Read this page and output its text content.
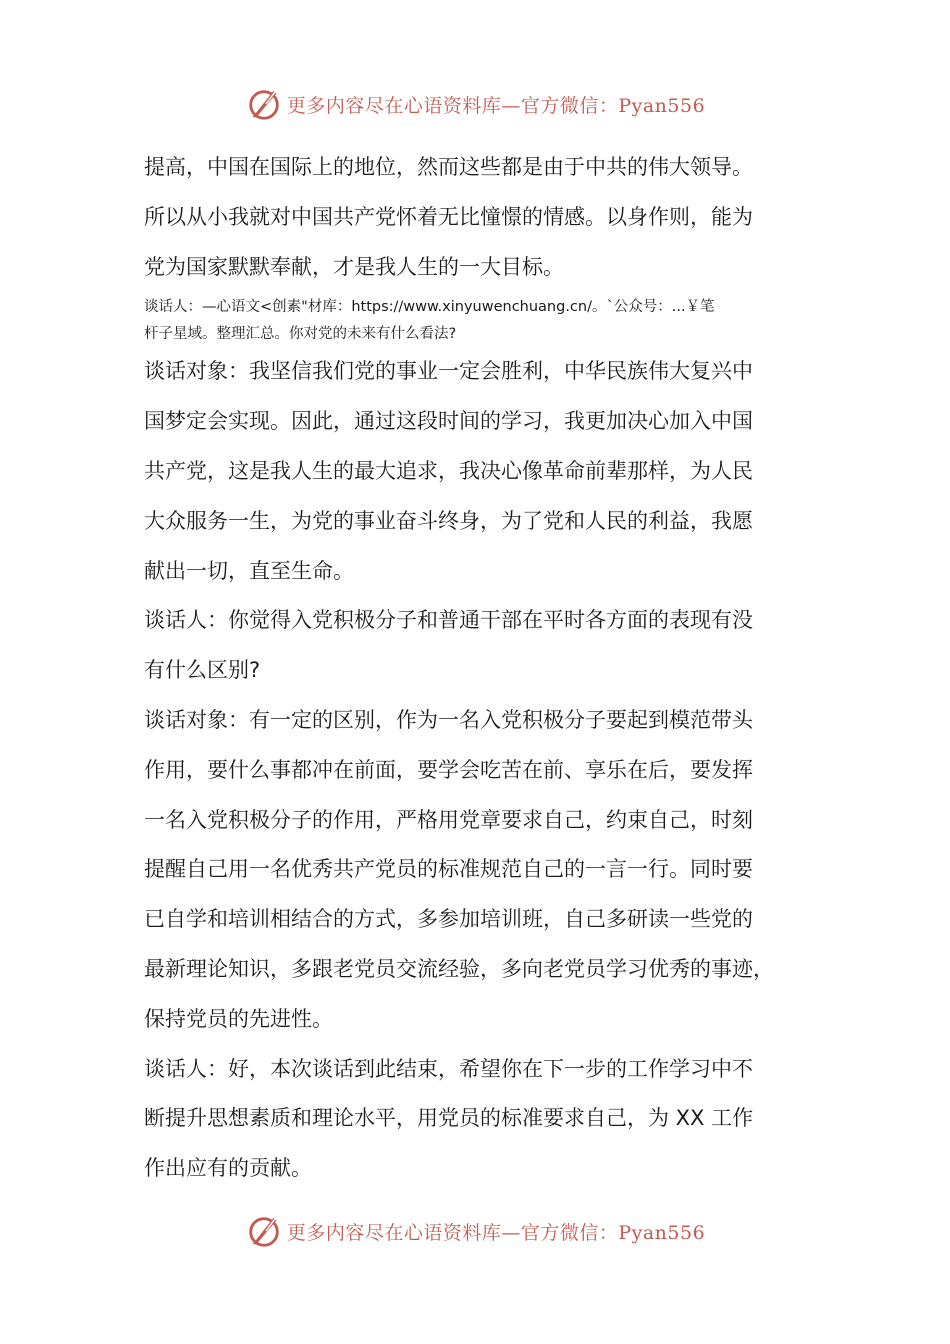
更多内容尽在心语资料库—官方微信：Pyan556

提高，中国在国际上的地位，然而这些都是由于中共的伟大领导。

所以从小我就对中国共产党怀着无比憧憬的情感。以身作则，能为

党为国家默默奉献，才是我人生的一大目标。

谈话人：—心语文<创素"材库：https://www.xinyuwenchuang.cn/。`公众号：...￥笔

杆子星域。整理汇总。你对党的未来有什么看法?

谈话对象：我坚信我们党的事业一定会胜利，中华民族伟大复兴中

国梦定会实现。因此，通过这段时间的学习，我更加决心加入中国

共产党，这是我人生的最大追求，我决心像革命前辈那样，为人民

大众服务一生，为党的事业奋斗终身，为了党和人民的利益，我愿

献出一切，直至生命。

谈话人：你觉得入党积极分子和普通干部在平时各方面的表现有没

有什么区别?

谈话对象：有一定的区别，作为一名入党积极分子要起到模范带头

作用，要什么事都冲在前面，要学会吃苦在前、享乐在后，要发挥

一名入党积极分子的作用，严格用党章要求自己，约束自己，时刻

提醒自己用一名优秀共产党员的标准规范自己的一言一行。同时要

已自学和培训相结合的方式，多参加培训班，自己多研读一些党的

最新理论知识，多跟老党员交流经验，多向老党员学习优秀的事迹，

保持党员的先进性。

谈话人：好，本次谈话到此结束，希望你在下一步的工作学习中不

断提升思想素质和理论水平，用党员的标准要求自己，为 XX 工作

作出应有的贡献。

更多内容尽在心语资料库—官方微信：Pyan556
